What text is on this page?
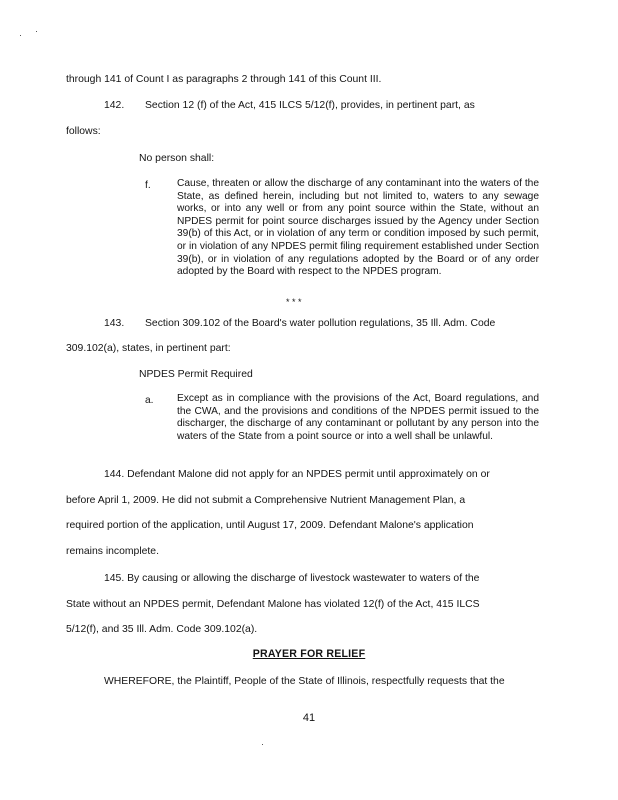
through 141 of Count I as paragraphs 2 through 141 of this Count III.
142. Section 12 (f) of the Act, 415 ILCS 5/12(f), provides, in pertinent part, as
follows:
No person shall:
f.	Cause, threaten or allow the discharge of any contaminant into the waters of the State, as defined herein, including but not limited to, waters to any sewage works, or into any well or from any point source within the State, without an NPDES permit for point source discharges issued by the Agency under Section 39(b) of this Act, or in violation of any term or condition imposed by such permit, or in violation of any NPDES permit filing requirement established under Section 39(b), or in violation of any regulations adopted by the Board or of any order adopted by the Board with respect to the NPDES program.
* * *
143. Section 309.102 of the Board's water pollution regulations, 35 Ill. Adm. Code
309.102(a), states, in pertinent part:
NPDES Permit Required
a. Except as in compliance with the provisions of the Act, Board regulations, and the CWA, and the provisions and conditions of the NPDES permit issued to the discharger, the discharge of any contaminant or pollutant by any person into the waters of the State from a point source or into a well shall be unlawful.
144. Defendant Malone did not apply for an NPDES permit until approximately on or
before April 1, 2009. He did not submit a Comprehensive Nutrient Management Plan, a
required portion of the application, until August 17, 2009. Defendant Malone's application
remains incomplete.
145. By causing or allowing the discharge of livestock wastewater to waters of the
State without an NPDES permit, Defendant Malone has violated 12(f) of the Act, 415 ILCS
5/12(f), and 35 Ill. Adm. Code 309.102(a).
PRAYER FOR RELIEF
WHEREFORE, the Plaintiff, People of the State of Illinois, respectfully requests that the
41
